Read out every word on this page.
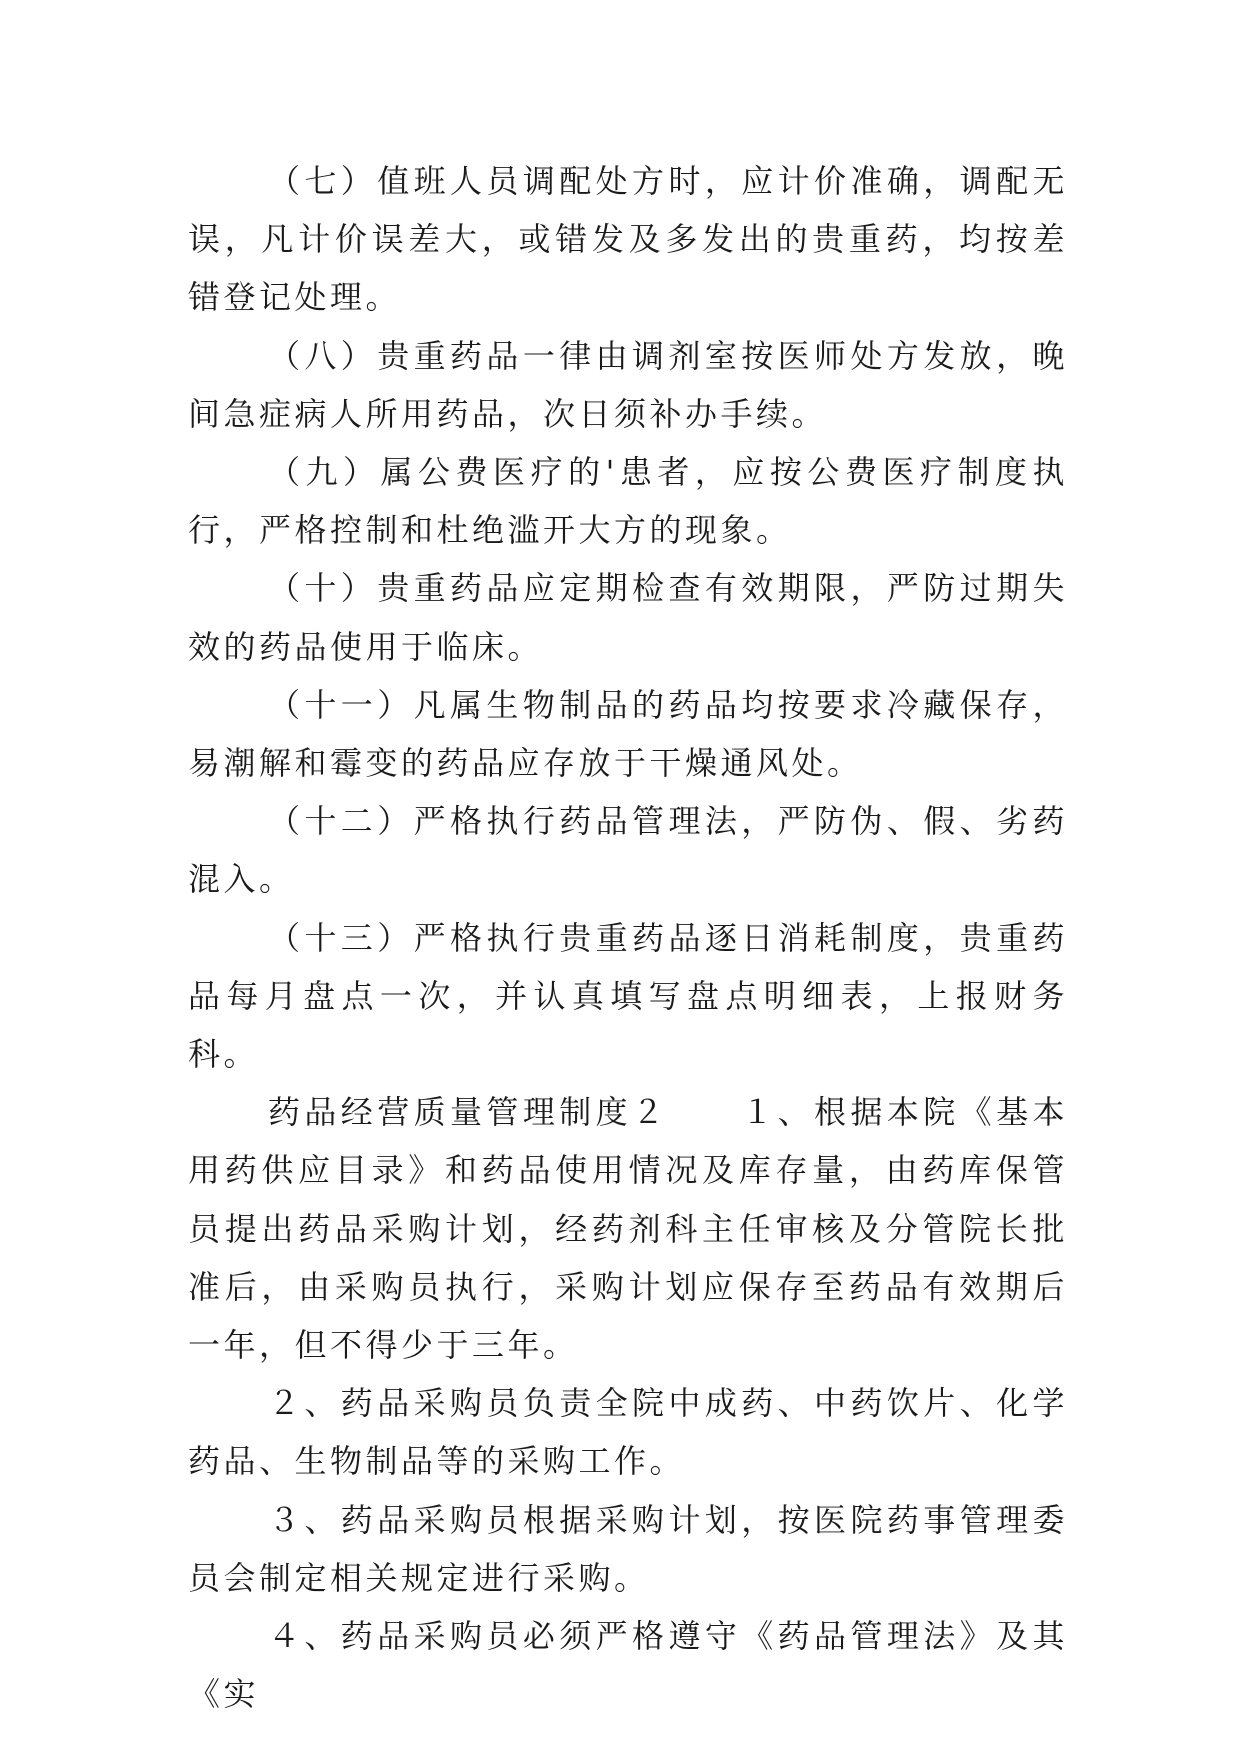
（七）值班人员调配处方时，应计价准确，调配无误，凡计价误差大，或错发及多发出的贵重药，均按差错登记处理。

（八）贵重药品一律由调剂室按医师处方发放，晚间急症病人所用药品，次日须补办手续。

（九）属公费医疗的'患者，应按公费医疗制度执行，严格控制和杜绝滥开大方的现象。

（十）贵重药品应定期检查有效期限，严防过期失效的药品使用于临床。

（十一）凡属生物制品的药品均按要求冷藏保存，易潮解和霉变的药品应存放于干燥通风处。

（十二）严格执行药品管理法，严防伪、假、劣药混入。

（十三）严格执行贵重药品逐日消耗制度，贵重药品每月盘点一次，并认真填写盘点明细表，上报财务科。

药品经营质量管理制度２　　１、根据本院《基本用药供应目录》和药品使用情况及库存量，由药库保管员提出药品采购计划，经药剂科主任审核及分管院长批准后，由采购员执行，采购计划应保存至药品有效期后一年，但不得少于三年。

２、药品采购员负责全院中成药、中药饮片、化学药品、生物制品等的采购工作。

３、药品采购员根据采购计划，按医院药事管理委员会制定相关规定进行采购。

４、药品采购员必须严格遵守《药品管理法》及其《实
